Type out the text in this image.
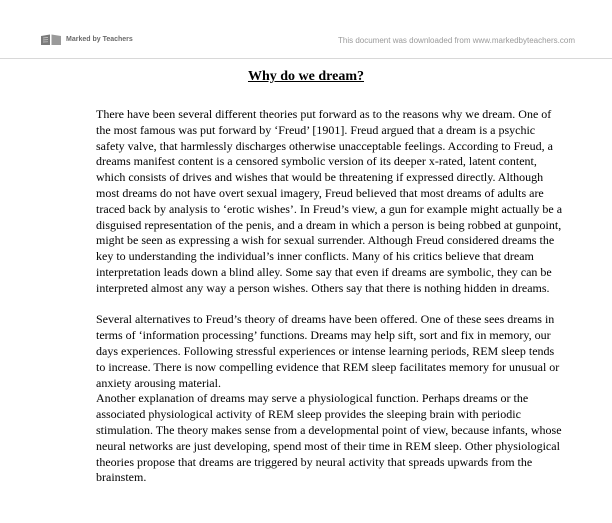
Marked by Teachers	This document was downloaded from www.markedbyteachers.com
Why do we dream?

There have been several different theories put forward as to the reasons why we dream. One of the most famous was put forward by ‘Freud’ [1901]. Freud argued that a dream is a psychic safety valve, that harmlessly discharges otherwise unacceptable feelings. According to Freud, a dreams manifest content is a censored symbolic version of its deeper x-rated, latent content, which consists of drives and wishes that would be threatening if expressed directly. Although most dreams do not have overt sexual imagery, Freud believed that most dreams of adults are traced back by analysis to ‘erotic wishes’. In Freud’s view, a gun for example might actually be a disguised representation of the penis, and a dream in which a person is being robbed at gunpoint, might be seen as expressing a wish for sexual surrender. Although Freud considered dreams the key to understanding the individual’s inner conflicts. Many of his critics believe that dream interpretation leads down a blind alley. Some say that even if dreams are symbolic, they can be interpreted almost any way a person wishes. Others say that there is nothing hidden in dreams.

Several alternatives to Freud’s theory of dreams have been offered. One of these sees dreams in terms of ‘information processing’ functions. Dreams may help sift, sort and fix in memory, our days experiences. Following stressful experiences or intense learning periods, REM sleep tends to increase. There is now compelling evidence that REM sleep facilitates memory for unusual or anxiety arousing material.

Another explanation of dreams may serve a physiological function. Perhaps dreams or the associated physiological activity of REM sleep provides the sleeping brain with periodic stimulation. The theory makes sense from a developmental point of view, because infants, whose neural networks are just developing, spend most of their time in REM sleep. Other physiological theories propose that dreams are triggered by neural activity that spreads upwards from the brainstem.
